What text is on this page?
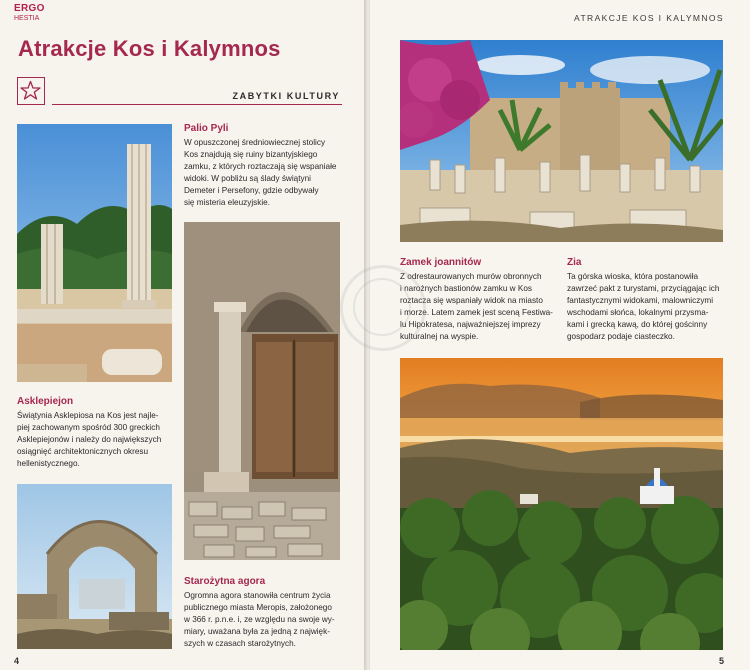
ERGO
HESTIA
Atrakcje Kos i Kalymnos
ZABYTKI KULTURY
Palio Pyli
W opuszczonej średniowiecznej stolicy
Kos znajdują się ruiny bizantyjskiego
zamku, z których roztaczają się wspaniałe
widoki. W pobliżu są ślady świątyni
Demeter i Persefony, gdzie odbywały
się misteria eleuzyjskie.
Asklepiejon
Świątynia Asklepiosa na Kos jest najle-
piej zachowanym spośród 300 greckich
Asklepiejonów i należy do największych
osiągnięć architektonicznych okresu
hellenistycznego.
Starożytna agora
Ogromna agora stanowiła centrum życia
publicznego miasta Meropis, założonego
w 366 r. p.n.e. i, ze względu na swoje wy-
miary, uważana była za jedną z najwięk-
szych w czasach starożytnych.
4
ATRAKCJE KOS I KALYMNOS
Zamek joannitów
Z odrestaurowanych murów obronnych
i narożnych bastionów zamku w Kos
roztacza się wspaniały widok na miasto
i morze. Latem zamek jest sceną Festiwa-
lu Hipokratesa, najważniejszej imprezy
kulturalnej na wyspie.
Zia
Ta górska wioska, która postanowiła
zawrzeć pakt z turystami, przyciągając ich
fantastycznymi widokami, malowniczymi
wschodami słońca, lokalnymi przysma-
kami i grecką kawą, do której gościnny
gospodarz podaje ciasteczko.
5
